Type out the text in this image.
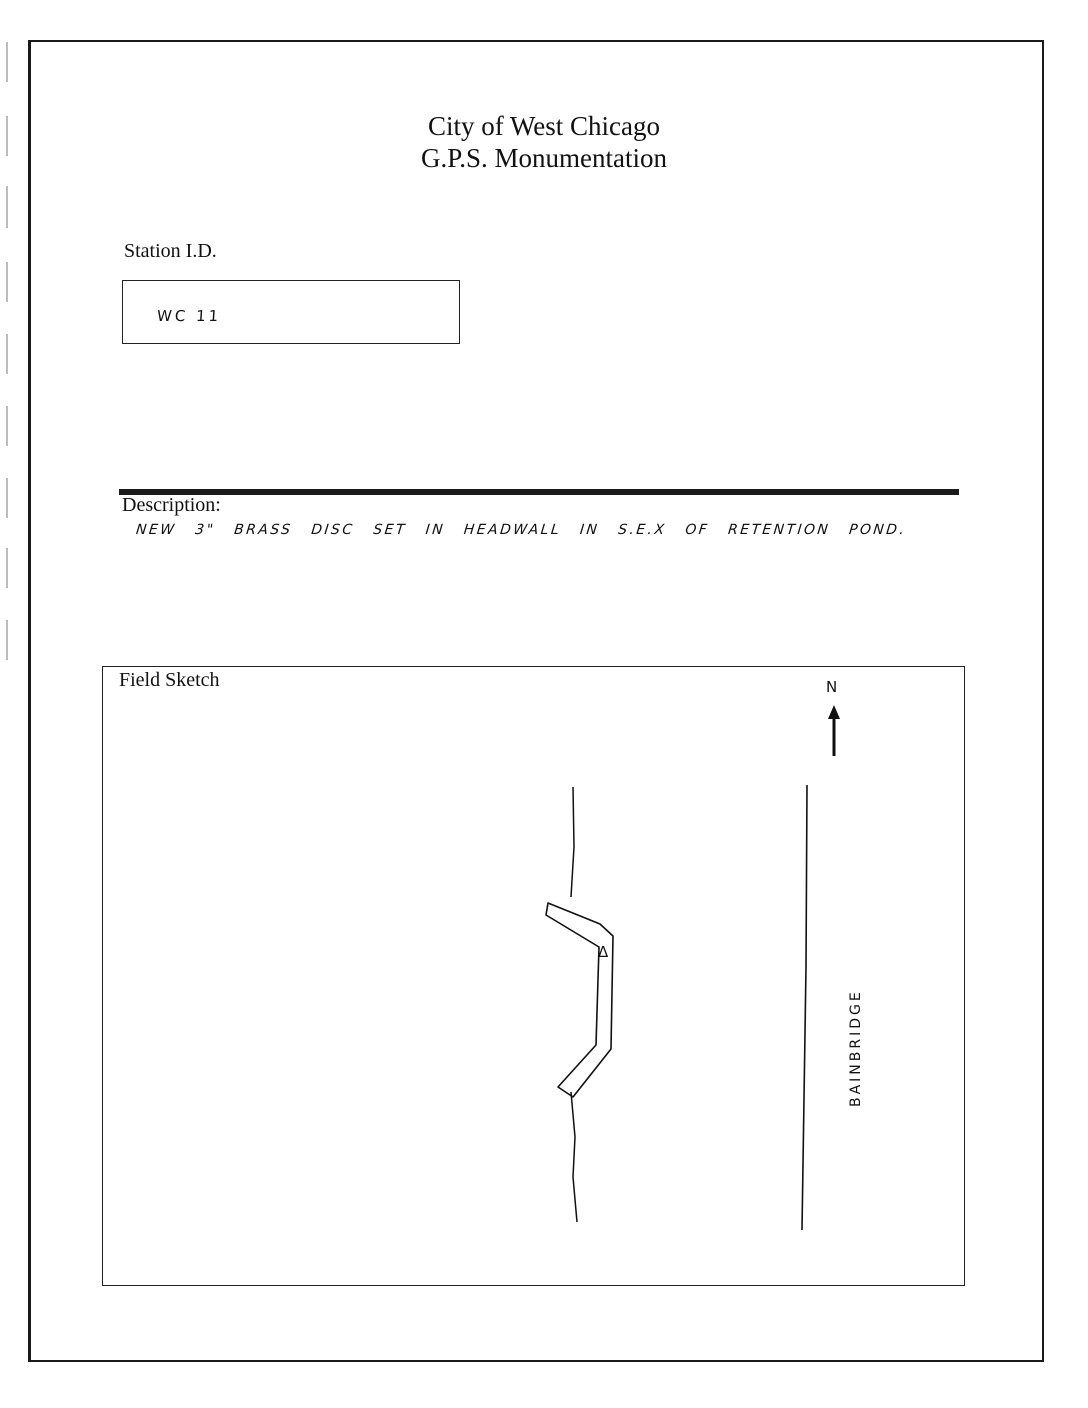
City of West Chicago
G.P.S. Monumentation
Station I.D.
WC 11
Description:
NEW 3" BRASS DISC SET IN HEADWALL IN S.E.X OF RETENTION POND.
Field Sketch	N
Δ
BAINBRIDGE
